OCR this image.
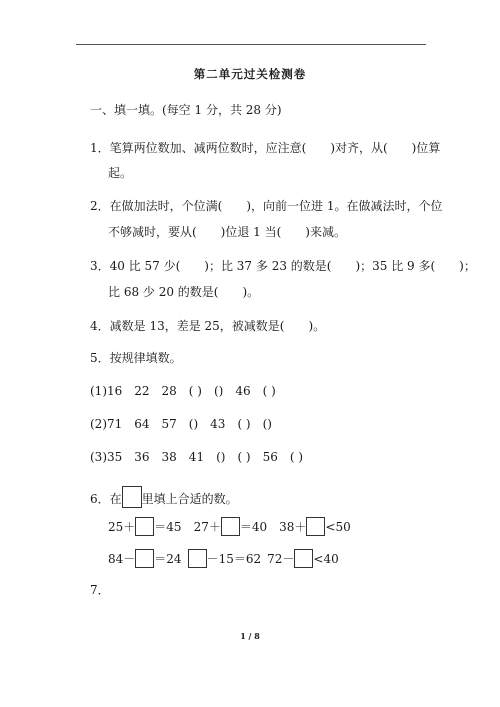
第二单元过关检测卷
一、填一填。(每空 1 分，共 28 分)
1．笔算两位数加、减两位数时，应注意(　　)对齐，从(　　)位算
起。
2．在做加法时，个位满(　　)，向前一位进 1。在做减法时，个位
不够减时，要从(　　)位退 1 当(　　)来减。
3．40 比 57 少(　　)；比 37 多 23 的数是(　　)；35 比 9 多(　　)；
比 68 少 20 的数是(　　)。
4．减数是 13，差是 25，被减数是(　　)。
5．按规律填数。
(1)16　22　28　( )　()　46　( )
(2)71　64　57　()　43　( )　()
(3)35　36　38　41　()　( )　56　( )
6．在 里填上合适的数。
25＋ ＝45 27＋ ＝40 38＋ <50
84－ ＝24 －15＝62 72－ <40
7．
1 / 8
